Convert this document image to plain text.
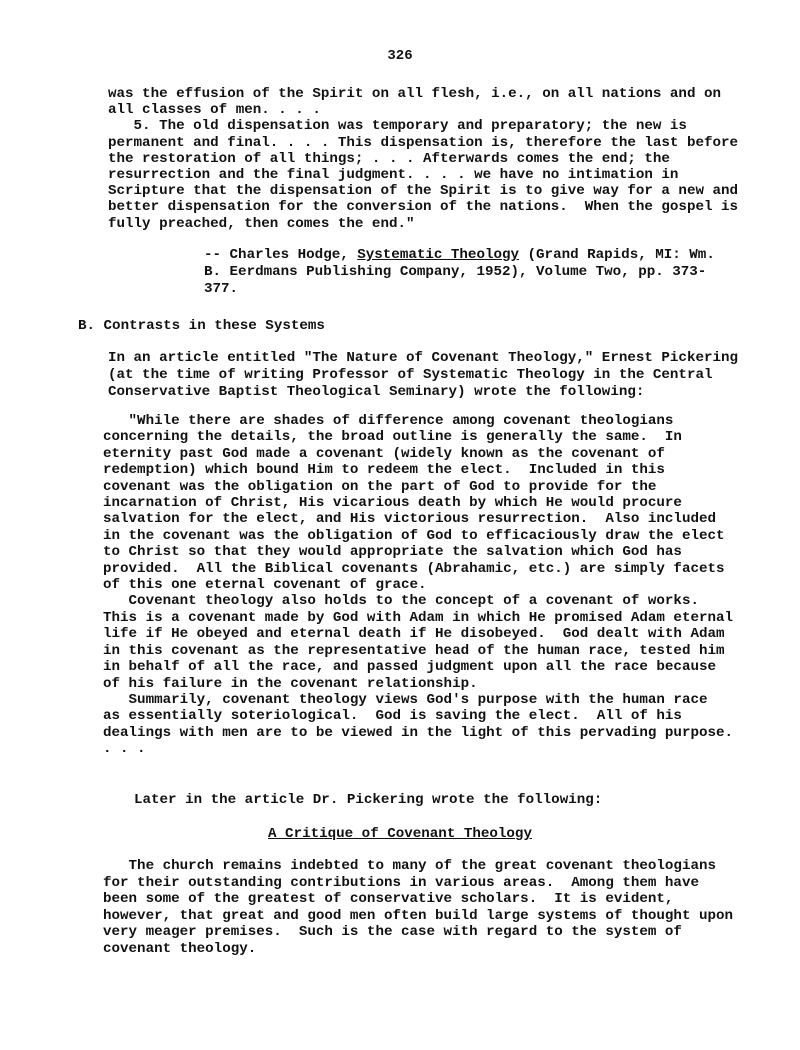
326
was the effusion of the Spirit on all flesh, i.e., on all nations and on
all classes of men. . . .
5. The old dispensation was temporary and preparatory; the new is
permanent and final. . . . This dispensation is, therefore the last before
the restoration of all things; . . . Afterwards comes the end; the
resurrection and the final judgment. . . . we have no intimation in
Scripture that the dispensation of the Spirit is to give way for a new and
better dispensation for the conversion of the nations.  When the gospel is
fully preached, then comes the end."
-- Charles Hodge, Systematic Theology (Grand Rapids, MI: Wm.
B. Eerdmans Publishing Company, 1952), Volume Two, pp. 373-
377.
B. Contrasts in these Systems
In an article entitled "The Nature of Covenant Theology," Ernest Pickering
(at the time of writing Professor of Systematic Theology in the Central
Conservative Baptist Theological Seminary) wrote the following:
"While there are shades of difference among covenant theologians
concerning the details, the broad outline is generally the same.  In
eternity past God made a covenant (widely known as the covenant of
redemption) which bound Him to redeem the elect.  Included in this
covenant was the obligation on the part of God to provide for the
incarnation of Christ, His vicarious death by which He would procure
salvation for the elect, and His victorious resurrection.  Also included
in the covenant was the obligation of God to efficaciously draw the elect
to Christ so that they would appropriate the salvation which God has
provided.  All the Biblical covenants (Abrahamic, etc.) are simply facets
of this one eternal covenant of grace.
Covenant theology also holds to the concept of a covenant of works.
This is a covenant made by God with Adam in which He promised Adam eternal
life if He obeyed and eternal death if He disobeyed.  God dealt with Adam
in this covenant as the representative head of the human race, tested him
in behalf of all the race, and passed judgment upon all the race because
of his failure in the covenant relationship.
Summarily, covenant theology views God's purpose with the human race
as essentially soteriological.  God is saving the elect.  All of his
dealings with men are to be viewed in the light of this pervading purpose.
. . .
Later in the article Dr. Pickering wrote the following:
A Critique of Covenant Theology
The church remains indebted to many of the great covenant theologians
for their outstanding contributions in various areas.  Among them have
been some of the greatest of conservative scholars.  It is evident,
however, that great and good men often build large systems of thought upon
very meager premises.  Such is the case with regard to the system of
covenant theology.
